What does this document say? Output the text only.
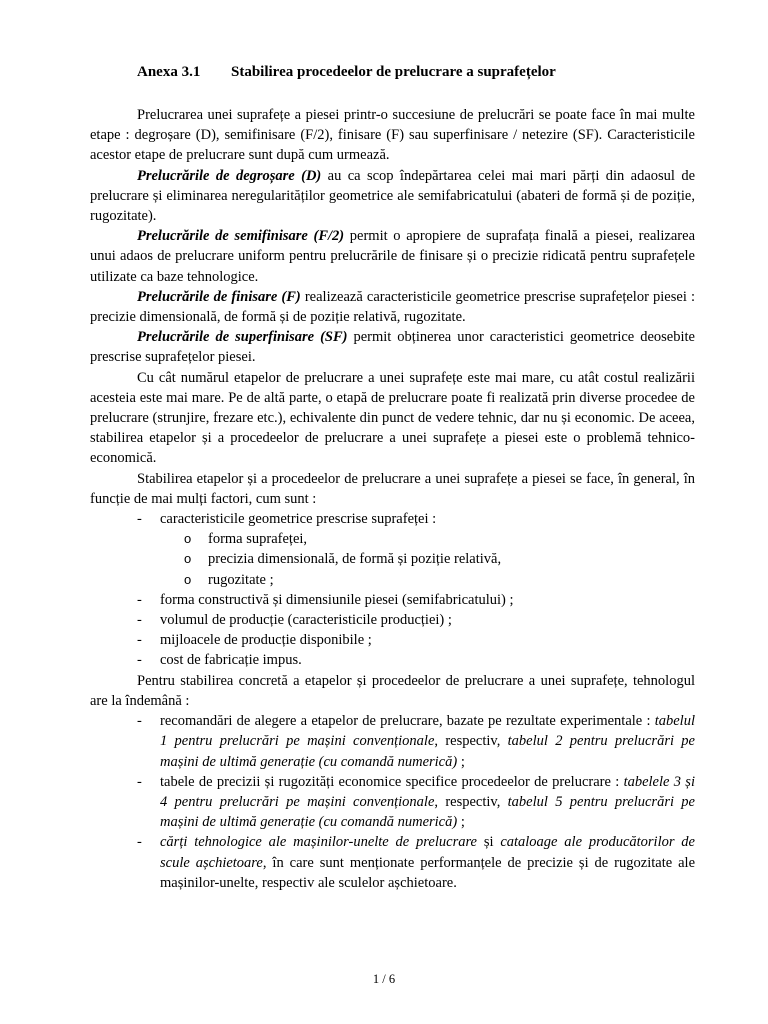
Anexa 3.1	Stabilirea procedeelor de prelucrare a suprafețelor

Prelucrarea unei suprafețe a piesei printr-o succesiune de prelucrări se poate face în mai multe etape : degroșare (D), semifinisare (F/2), finisare (F) sau superfinisare / netezire (SF). Caracteristicile acestor etape de prelucrare sunt după cum urmează.

Prelucrările de degroșare (D) au ca scop îndepărtarea celei mai mari părți din adaosul de prelucrare și eliminarea neregularităților geometrice ale semifabricatului (abateri de formă și de poziție, rugozitate).

Prelucrările de semifinisare (F/2) permit o apropiere de suprafața finală a piesei, realizarea unui adaos de prelucrare uniform pentru prelucrările de finisare și o precizie ridicată pentru suprafețele utilizate ca baze tehnologice.

Prelucrările de finisare (F) realizează caracteristicile geometrice prescrise suprafețelor piesei : precizie dimensională, de formă și de poziție relativă, rugozitate.

Prelucrările de superfinisare (SF) permit obținerea unor caracteristici geometrice deosebite prescrise suprafețelor piesei.

Cu cât numărul etapelor de prelucrare a unei suprafețe este mai mare, cu atât costul realizării acesteia este mai mare. Pe de altă parte, o etapă de prelucrare poate fi realizată prin diverse procedee de prelucrare (strunjire, frezare etc.), echivalente din punct de vedere tehnic, dar nu și economic. De aceea, stabilirea etapelor și a procedeelor de prelucrare a unei suprafețe a piesei este o problemă tehnico-economică.

Stabilirea etapelor și a procedeelor de prelucrare a unei suprafețe a piesei se face, în general, în funcție de mai mulți factori, cum sunt :

- caracteristicile geometrice prescrise suprafeței :
o forma suprafeței,
o precizia dimensională, de formă și poziție relativă,
o rugozitate ;
- forma constructivă și dimensiunile piesei (semifabricatului) ;
- volumul de producție (caracteristicile producției) ;
- mijloacele de producție disponibile ;
- cost de fabricație impus.

Pentru stabilirea concretă a etapelor și procedeelor de prelucrare a unei suprafețe, tehnologul are la îndemână :

- recomandări de alegere a etapelor de prelucrare, bazate pe rezultate experimentale : tabelul 1 pentru prelucrări pe mașini convenționale, respectiv, tabelul 2 pentru prelucrări pe mașini de ultimă generație (cu comandă numerică) ;
- tabele de precizii și rugozități economice specifice procedeelor de prelucrare : tabelele 3 și 4 pentru prelucrări pe mașini convenționale, respectiv, tabelul 5 pentru prelucrări pe mașini de ultimă generație (cu comandă numerică) ;
- cărți tehnologice ale mașinilor-unelte de prelucrare și cataloage ale producătorilor de scule așchietoare, în care sunt menționate performanțele de precizie și de rugozitate ale mașinilor-unelte, respectiv ale sculelor așchietoare.
1 / 6
